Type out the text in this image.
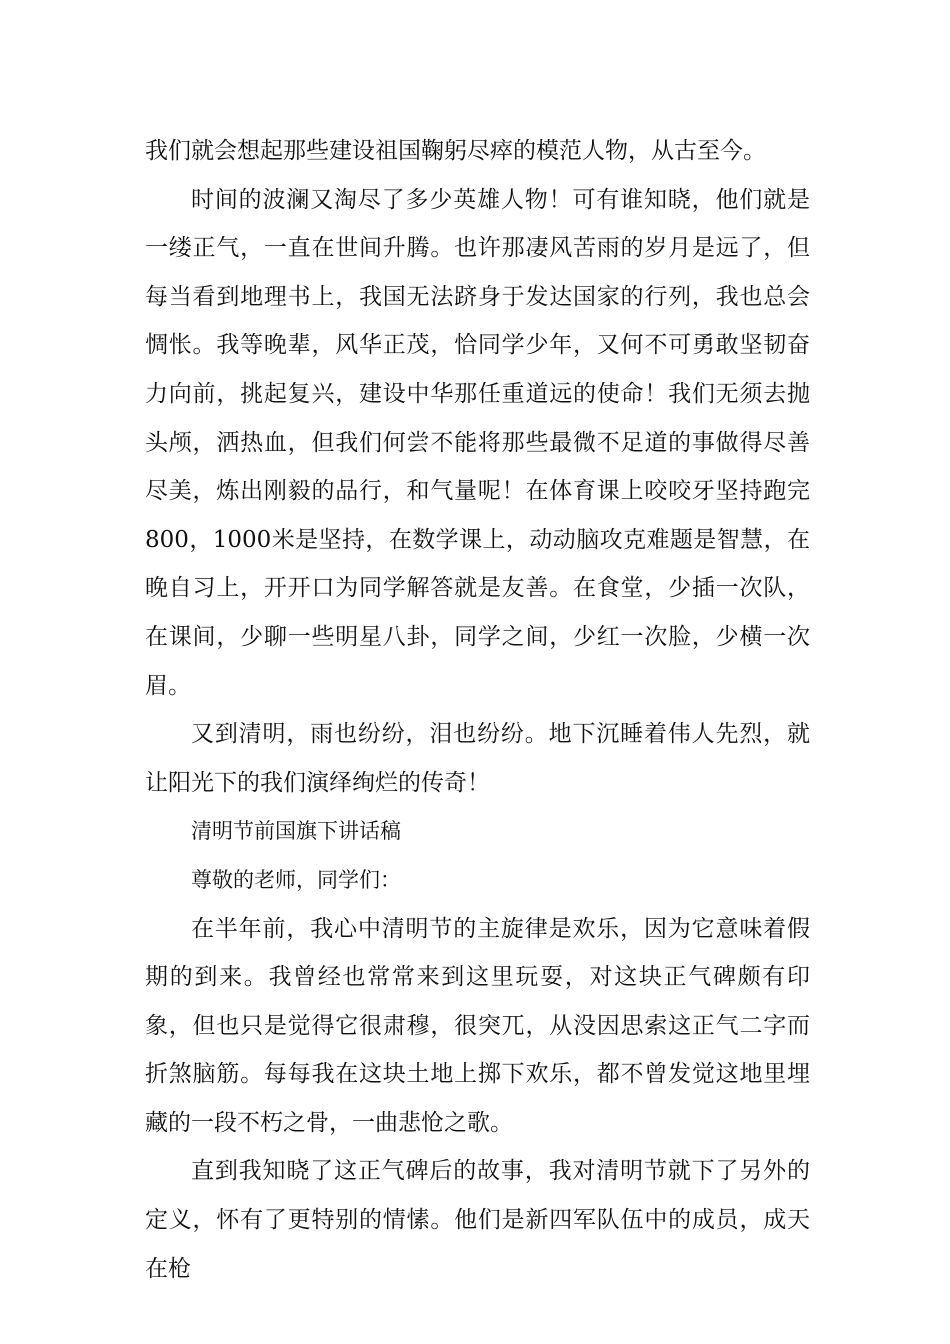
我们就会想起那些建设祖国鞠躬尽瘁的模范人物，从古至今。

时间的波澜又淘尽了多少英雄人物！可有谁知晓，他们就是一缕正气，一直在世间升腾。也许那凄风苦雨的岁月是远了，但每当看到地理书上，我国无法跻身于发达国家的行列，我也总会惆怅。我等晚辈，风华正茂，恰同学少年，又何不可勇敢坚韧奋力向前，挑起复兴，建设中华那任重道远的使命！我们无须去抛头颅，洒热血，但我们何尝不能将那些最微不足道的事做得尽善尽美，炼出刚毅的品行，和气量呢！在体育课上咬咬牙坚持跑完800，1000米是坚持，在数学课上，动动脑攻克难题是智慧，在晚自习上，开开口为同学解答就是友善。在食堂，少插一次队，在课间，少聊一些明星八卦，同学之间，少红一次脸，少横一次眉。

又到清明，雨也纷纷，泪也纷纷。地下沉睡着伟人先烈，就让阳光下的我们演绎绚烂的传奇！

清明节前国旗下讲话稿

尊敬的老师，同学们：

在半年前，我心中清明节的主旋律是欢乐，因为它意味着假期的到来。我曾经也常常来到这里玩耍，对这块正气碑颇有印象，但也只是觉得它很肃穆，很突兀，从没因思索这正气二字而折煞脑筋。每每我在这块土地上掷下欢乐，都不曾发觉这地里埋藏的一段不朽之骨，一曲悲怆之歌。

直到我知晓了这正气碑后的故事，我对清明节就下了另外的定义，怀有了更特别的情愫。他们是新四军队伍中的成员，成天在枪
